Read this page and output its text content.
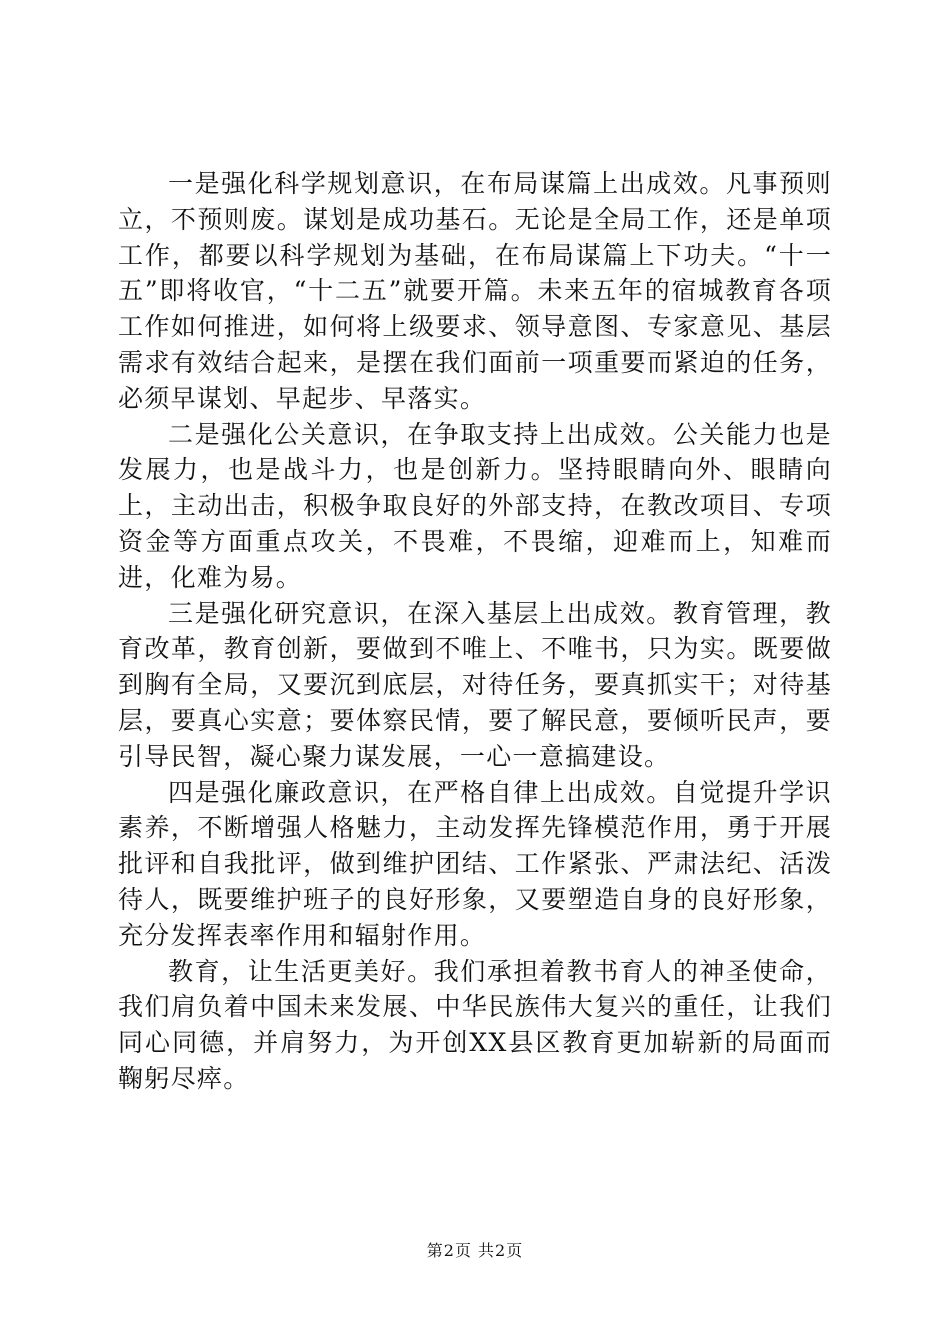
一是强化科学规划意识，在布局谋篇上出成效。凡事预则立，不预则废。谋划是成功基石。无论是全局工作，还是单项工作，都要以科学规划为基础，在布局谋篇上下功夫。“十一五”即将收官，“十二五”就要开篇。未来五年的宿城教育各项工作如何推进，如何将上级要求、领导意图、专家意见、基层需求有效结合起来，是摆在我们面前一项重要而紧迫的任务，必须早谋划、早起步、早落实。

二是强化公关意识，在争取支持上出成效。公关能力也是发展力，也是战斗力，也是创新力。坚持眼睛向外、眼睛向上，主动出击，积极争取良好的外部支持，在教改项目、专项资金等方面重点攻关，不畏难，不畏缩，迎难而上，知难而进，化难为易。

三是强化研究意识，在深入基层上出成效。教育管理，教育改革，教育创新，要做到不唯上、不唯书，只为实。既要做到胸有全局，又要沉到底层，对待任务，要真抓实干；对待基层，要真心实意；要体察民情，要了解民意，要倾听民声，要引导民智，凝心聚力谋发展，一心一意搞建设。

四是强化廉政意识，在严格自律上出成效。自觉提升学识素养，不断增强人格魅力，主动发挥先锋模范作用，勇于开展批评和自我批评，做到维护团结、工作紧张、严肃法纪、活泼待人，既要维护班子的良好形象，又要塑造自身的良好形象，充分发挥表率作用和辐射作用。

教育，让生活更美好。我们承担着教书育人的神圣使命，我们肩负着中国未来发展、中华民族伟大复兴的重任，让我们同心同德，并肩努力，为开创XX县区教育更加崭新的局面而鞠躬尽瘁。

第2页 共2页
